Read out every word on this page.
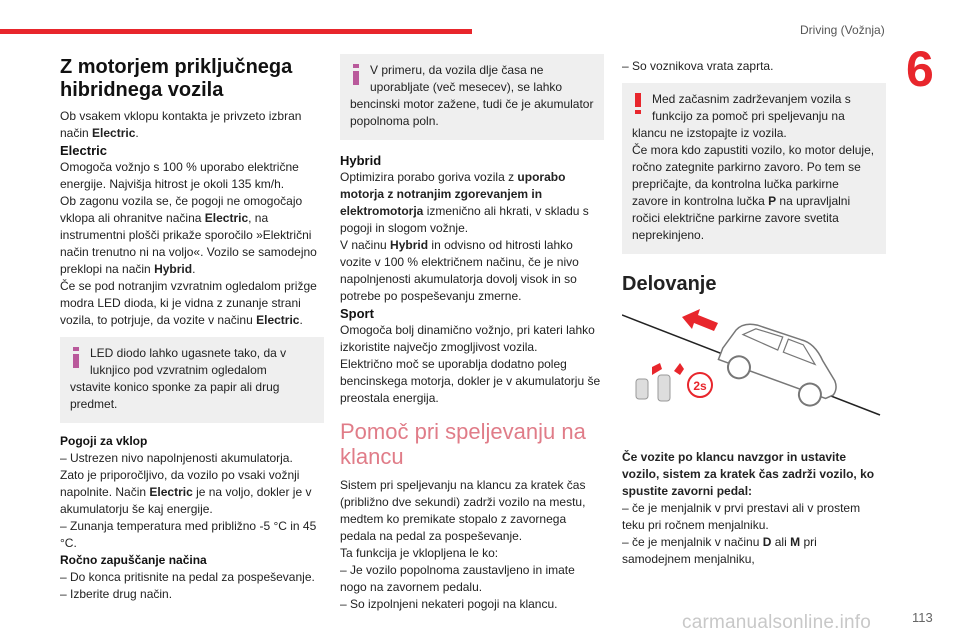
Driving (Vožnja)
6

Z motorjem priključnega hibridnega vozila

Ob vsakem vklopu kontakta je privzeto izbran način Electric.

Electric

Omogoča vožnjo s 100 % uporabo električne energije. Najvišja hitrost je okoli 135 km/h.

Ob zagonu vozila se, če pogoji ne omogočajo vklopa ali ohranitve načina Electric, na instrumentni plošči prikaže sporočilo »Električni način trenutno ni na voljo«. Vozilo se samodejno preklopi na način Hybrid.

Če se pod notranjim vzvratnim ogledalom prižge modra LED dioda, ki je vidna z zunanje strani vozila, to potrjuje, da vozite v načinu Electric.

LED diodo lahko ugasnete tako, da v luknjico pod vzvratnim ogledalom

vstavite konico sponke za papir ali drug predmet.

Pogoji za vklop

– Ustrezen nivo napolnjenosti akumulatorja.

Zato je priporočljivo, da vozilo po vsaki vožnji napolnite. Način Electric je na voljo, dokler je v akumulatorju še kaj energije.

– Zunanja temperatura med približno -5 °C in 45 °C.

Ročno zapuščanje načina

– Do konca pritisnite na pedal za pospeševanje.

– Izberite drug način.

V primeru, da vozila dlje časa ne uporabljate (več mesecev), se lahko

bencinski motor zažene, tudi če je akumulator popolnoma poln.

Hybrid

Optimizira porabo goriva vozila z uporabo motorja z notranjim zgorevanjem in elektromotorja izmenično ali hkrati, v skladu s pogoji in slogom vožnje.

V načinu Hybrid in odvisno od hitrosti lahko vozite v 100 % električnem načinu, če je nivo napolnjenosti akumulatorja dovolj visok in so potrebe po pospeševanju zmerne.

Sport

Omogoča bolj dinamično vožnjo, pri kateri lahko izkoristite največjo zmogljivost vozila.

Električno moč se uporablja dodatno poleg bencinskega motorja, dokler je v akumulatorju še preostala energija.

Pomoč pri speljevanju na klancu

Sistem pri speljevanju na klancu za kratek čas (približno dve sekundi) zadrži vozilo na mestu, medtem ko premikate stopalo z zavornega pedala na pedal za pospeševanje.

Ta funkcija je vklopljena le ko:

– Je vozilo popolnoma zaustavljeno in imate nogo na zavornem pedalu.

– So izpolnjeni nekateri pogoji na klancu.

– So voznikova vrata zaprta.

Med začasnim zadrževanjem vozila s funkcijo za pomoč pri speljevanju na

klancu ne izstopajte iz vozila.

Če mora kdo zapustiti vozilo, ko motor deluje, ročno zategnite parkirno zavoro. Po tem se prepričajte, da kontrolna lučka parkirne zavore in kontrolna lučka P na upravljalni ročici električne parkirne zavore svetita neprekinjeno.

Delovanje

2s

Če vozite po klancu navzgor in ustavite vozilo, sistem za kratek čas zadrži vozilo, ko spustite zavorni pedal:

– če je menjalnik v prvi prestavi ali v prostem teku pri ročnem menjalniku.

– če je menjalnik v načinu D ali M pri samodejnem menjalniku,

carmanualsonline.info	113
